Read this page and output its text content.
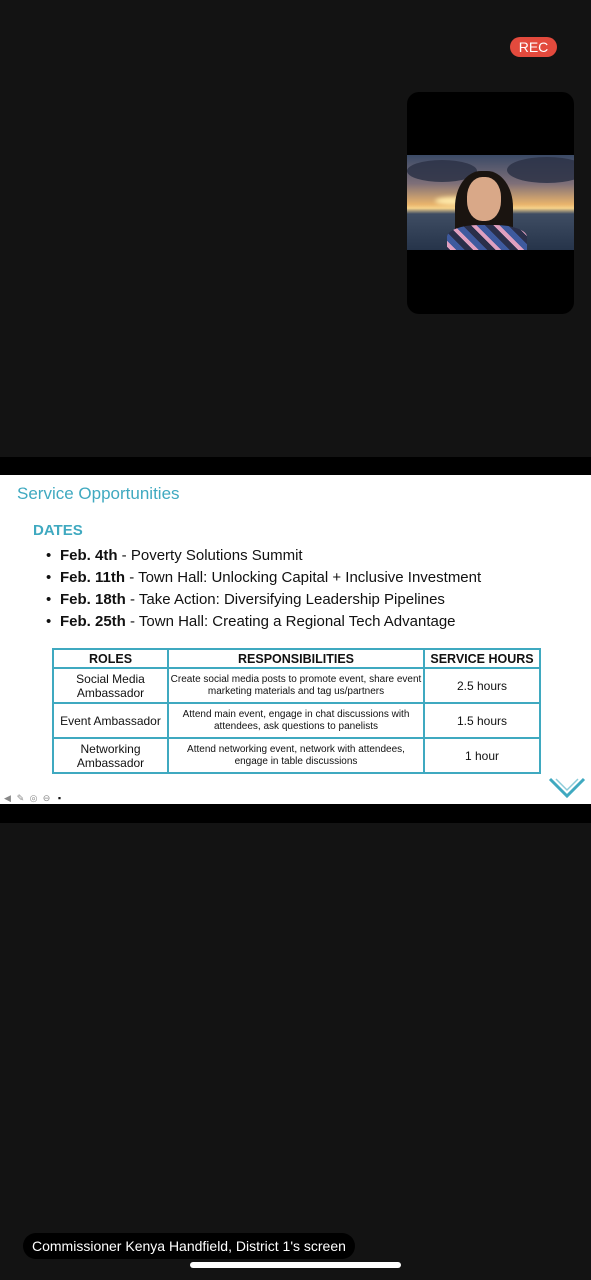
REC
Service Opportunities
DATES
• Feb. 4th - Poverty Solutions Summit
• Feb. 11th - Town Hall: Unlocking Capital + Inclusive Investment
• Feb. 18th - Take Action: Diversifying Leadership Pipelines
• Feb. 25th - Town Hall: Creating a Regional Tech Advantage
ROLES	RESPONSIBILITIES	SERVICE HOURS
Social Media Ambassador	Create social media posts to promote event, share event marketing materials and tag us/partners	2.5 hours
Event Ambassador	Attend main event, engage in chat discussions with attendees, ask questions to panelists	1.5 hours
Networking Ambassador	Attend networking event, network with attendees, engage in table discussions	1 hour
◀ ✎ ◎ ⊖ ▪
Commissioner Kenya Handfield, District 1's screen
